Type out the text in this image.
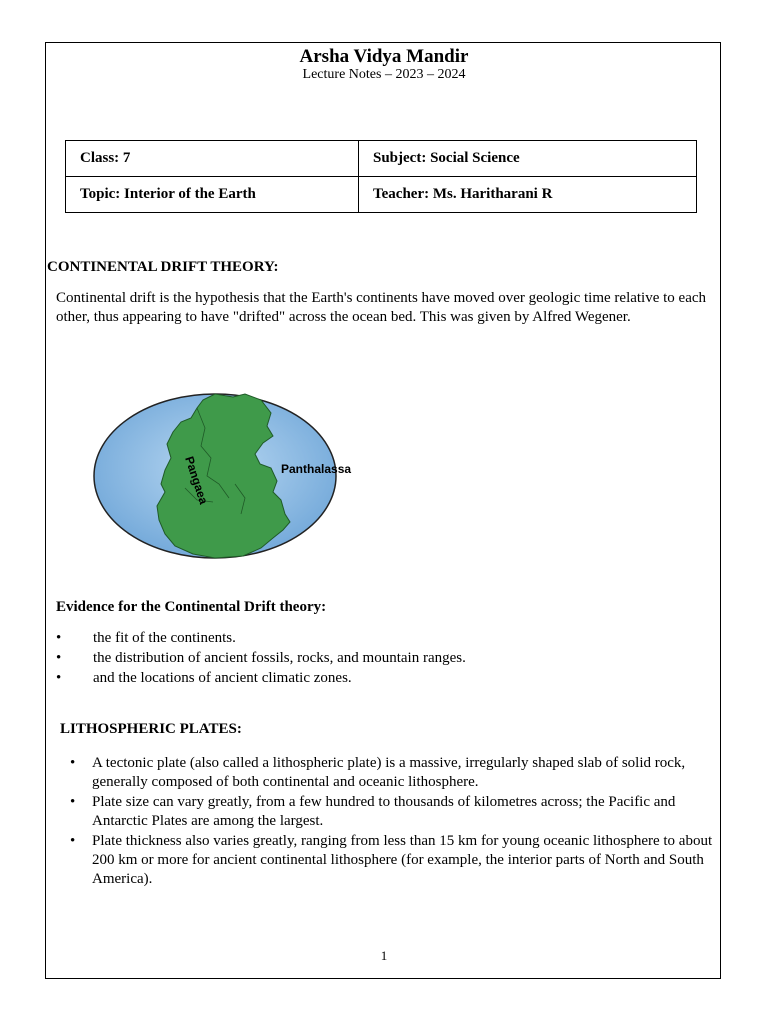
Arsha Vidya Mandir
Lecture Notes – 2023 – 2024
Class: 7	Subject: Social Science
Topic: Interior of the Earth	Teacher: Ms. Haritharani R
CONTINENTAL DRIFT THEORY:
Continental drift is the hypothesis that the Earth's continents have moved over geologic time relative to each other, thus appearing to have "drifted" across the ocean bed. This was given by Alfred Wegener.
Pangaea	Panthalassa
Evidence for the Continental Drift theory:
• the fit of the continents.
• the distribution of ancient fossils, rocks, and mountain ranges.
• and the locations of ancient climatic zones.
LITHOSPHERIC PLATES:
• A tectonic plate (also called a lithospheric plate) is a massive, irregularly shaped slab of solid rock, generally composed of both continental and oceanic lithosphere.
• Plate size can vary greatly, from a few hundred to thousands of kilometres across; the Pacific and Antarctic Plates are among the largest.
• Plate thickness also varies greatly, ranging from less than 15 km for young oceanic lithosphere to about 200 km or more for ancient continental lithosphere (for example, the interior parts of North and South America).
1
